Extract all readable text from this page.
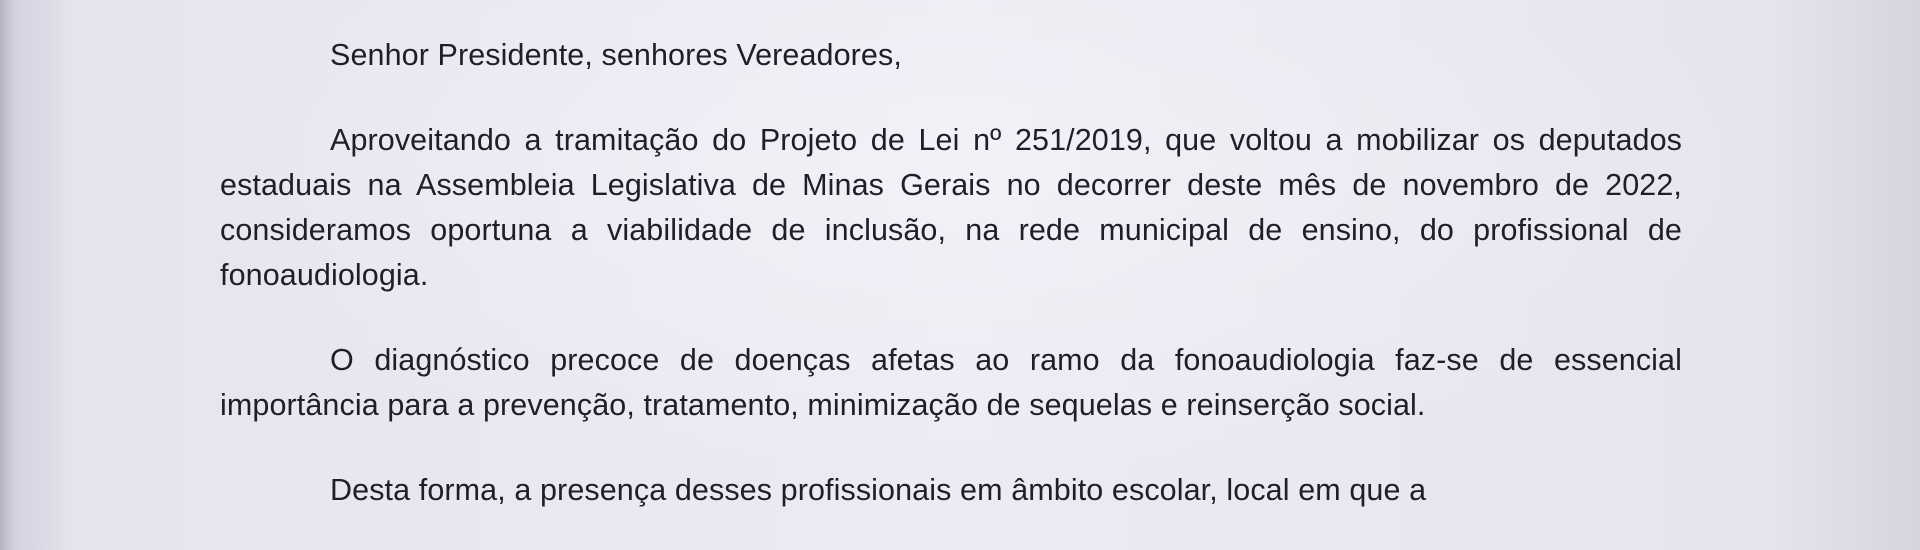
Senhor Presidente, senhores Vereadores,

Aproveitando a tramitação do Projeto de Lei nº 251/2019, que voltou a mobilizar os deputados estaduais na Assembleia Legislativa de Minas Gerais no decorrer deste mês de novembro de 2022, consideramos oportuna a viabilidade de inclusão, na rede municipal de ensino, do profissional de fonoaudiologia.

O diagnóstico precoce de doenças afetas ao ramo da fonoaudiologia faz-se de essencial importância para a prevenção, tratamento, minimização de sequelas e reinserção social.

Desta forma, a presença desses profissionais em âmbito escolar, local em que a
